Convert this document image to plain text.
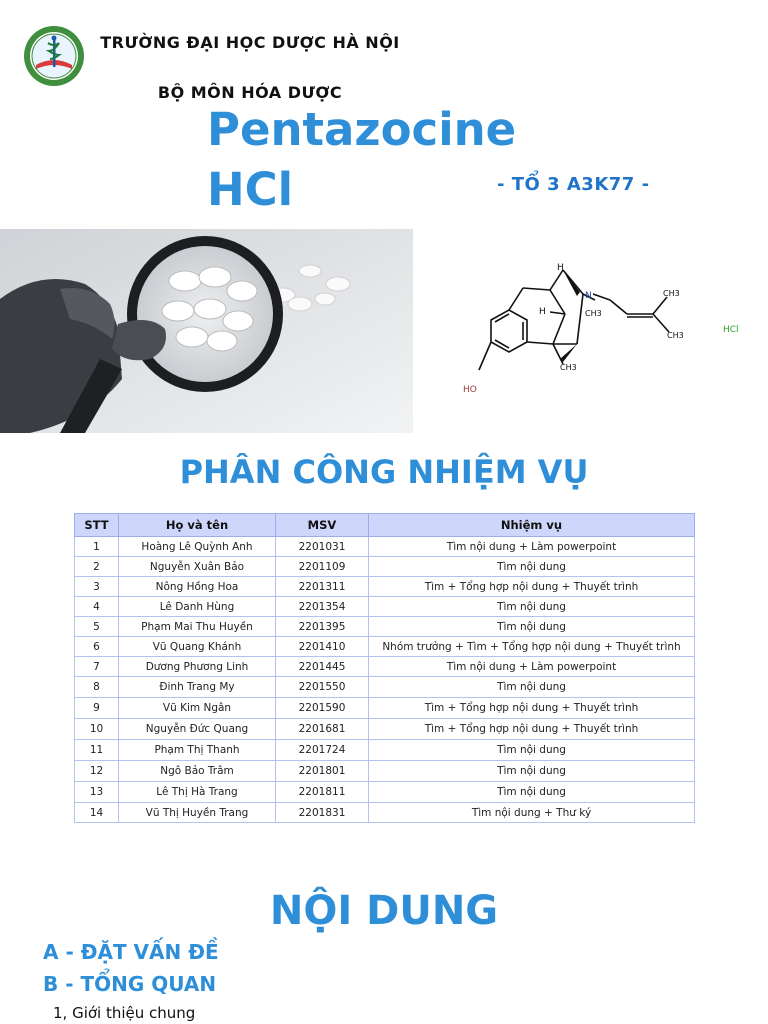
TRƯỜNG ĐẠI HỌC DƯỢC HÀ NỘI
BỘ MÔN HÓA DƯỢC
Pentazocine HCl	- TỔ 3 A3K77 -
H
N	CH3
H	CH3
CH3
CH3
HO
HCl
PHÂN CÔNG NHIỆM VỤ
STT	Họ và tên	MSV	Nhiệm vụ
1	Hoàng Lê Quỳnh Anh	2201031	Tìm nội dung + Làm powerpoint
2	Nguyễn Xuân Bảo	2201109	Tìm nội dung
3	Nông Hồng Hoa	2201311	Tìm + Tổng hợp nội dung + Thuyết trình
4	Lê Danh Hùng	2201354	Tìm nội dung
5	Phạm Mai Thu Huyền	2201395	Tìm nội dung
6	Vũ Quang Khánh	2201410	Nhóm trưởng + Tìm + Tổng hợp nội dung + Thuyết trình
7	Dương Phương Linh	2201445	Tìm nội dung + Làm powerpoint
8	Đinh Trang My	2201550	Tìm nội dung
9	Vũ Kim Ngân	2201590	Tìm + Tổng hợp nội dung + Thuyết trình
10	Nguyễn Đức Quang	2201681	Tìm + Tổng hợp nội dung + Thuyết trình
11	Phạm Thị Thanh	2201724	Tìm nội dung
12	Ngô Bảo Trâm	2201801	Tìm nội dung
13	Lê Thị Hà Trang	2201811	Tìm nội dung
14	Vũ Thị Huyền Trang	2201831	Tìm nội dung + Thư ký
NỘI DUNG
A - ĐẶT VẤN ĐỀ
B - TỔNG QUAN
1, Giới thiệu chung
